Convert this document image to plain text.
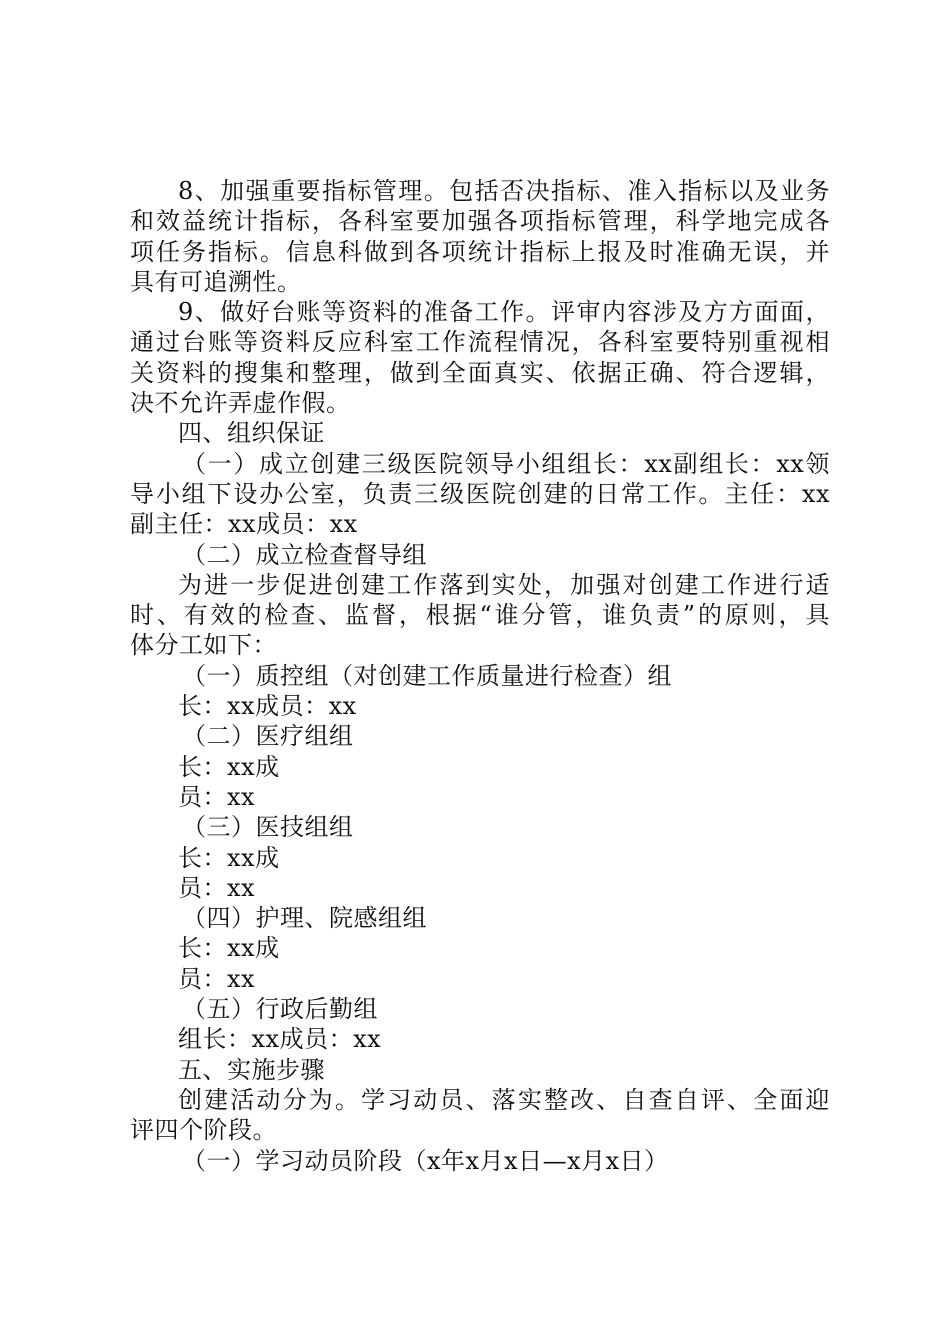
8、加强重要指标管理。包括否决指标、准入指标以及业务
和效益统计指标，各科室要加强各项指标管理，科学地完成各
项任务指标。信息科做到各项统计指标上报及时准确无误，并
具有可追溯性。
9、做好台账等资料的准备工作。评审内容涉及方方面面，
通过台账等资料反应科室工作流程情况，各科室要特别重视相
关资料的搜集和整理，做到全面真实、依据正确、符合逻辑，
决不允许弄虚作假。
四、组织保证
（一）成立创建三级医院领导小组组长：xx副组长：xx领
导小组下设办公室，负责三级医院创建的日常工作。主任：xx
副主任：xx成员：xx
（二）成立检查督导组
为进一步促进创建工作落到实处，加强对创建工作进行适
时、有效的检查、监督，根据“谁分管，谁负责”的原则，具
体分工如下：
（一）质控组（对创建工作质量进行检查）组
长：xx成员：xx
（二）医疗组组
长：xx成
员：xx
（三）医技组组
长：xx成
员：xx
（四）护理、院感组组
长：xx成
员：xx
（五）行政后勤组
组长：xx成员：xx
五、实施步骤
创建活动分为。学习动员、落实整改、自查自评、全面迎
评四个阶段。
（一）学习动员阶段（x年x月x日—x月x日）
